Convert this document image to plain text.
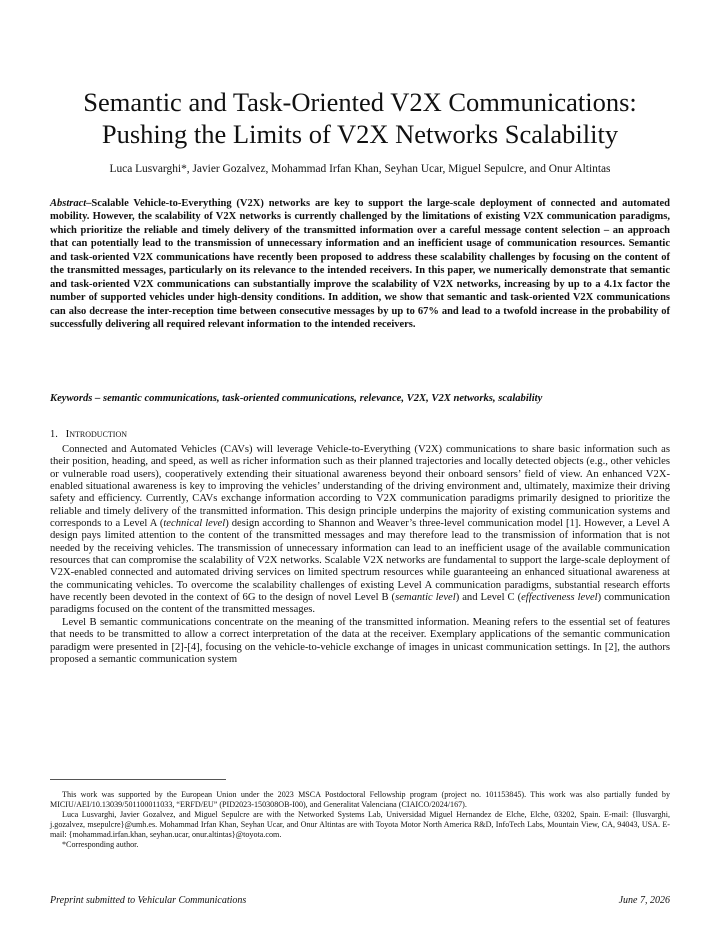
Semantic and Task-Oriented V2X Communications:
Pushing the Limits of V2X Networks Scalability
Luca Lusvarghi*, Javier Gozalvez, Mohammad Irfan Khan, Seyhan Ucar, Miguel Sepulcre, and Onur Altintas

Abstract–Scalable Vehicle-to-Everything (V2X) networks are key to support the large-scale deployment of connected and automated mobility. However, the scalability of V2X networks is currently challenged by the limitations of existing V2X communication paradigms, which prioritize the reliable and timely delivery of the transmitted information over a careful message content selection – an approach that can potentially lead to the transmission of unnecessary information and an inefficient usage of communication resources. Semantic and task-oriented V2X communications have recently been proposed to address these scalability challenges by focusing on the content of the transmitted messages, particularly on its relevance to the intended receivers. In this paper, we numerically demonstrate that semantic and task-oriented V2X communications can substantially improve the scalability of V2X networks, increasing by up to a 4.1x factor the number of supported vehicles under high-density conditions. In addition, we show that semantic and task-oriented V2X communications can also decrease the inter-reception time between consecutive messages by up to 67% and lead to a twofold increase in the probability of successfully delivering all required relevant information to the intended receivers.

Keywords – semantic communications, task-oriented communications, relevance, V2X, V2X networks, scalability

1. Introduction

Connected and Automated Vehicles (CAVs) will leverage Vehicle-to-Everything (V2X) communications to share basic information such as their position, heading, and speed, as well as richer information such as their planned trajectories and locally detected objects (e.g., other vehicles or vulnerable road users), cooperatively extending their situational awareness beyond their onboard sensors’ field of view. An enhanced V2X-enabled situational awareness is key to improving the vehicles’ understanding of the driving environment and, ultimately, maximize their driving safety and efficiency. Currently, CAVs exchange information according to V2X communication paradigms primarily designed to prioritize the reliable and timely delivery of the transmitted information. This design principle underpins the majority of existing communication systems and corresponds to a Level A (technical level) design according to Shannon and Weaver’s three-level communication model [1]. However, a Level A design pays limited attention to the content of the transmitted messages and may therefore lead to the transmission of information that is not needed by the receiving vehicles. The transmission of unnecessary information can lead to an inefficient usage of the available communication resources that can compromise the scalability of V2X networks. Scalable V2X networks are fundamental to support the large-scale deployment of V2X-enabled connected and automated driving services on limited spectrum resources while guaranteeing an enhanced situational awareness at the communicating vehicles. To overcome the scalability challenges of existing Level A communication paradigms, substantial research efforts have recently been devoted in the context of 6G to the design of novel Level B (semantic level) and Level C (effectiveness level) communication paradigms focused on the content of the transmitted messages.

Level B semantic communications concentrate on the meaning of the transmitted information. Meaning refers to the essential set of features that needs to be transmitted to allow a correct interpretation of the data at the receiver. Exemplary applications of the semantic communication paradigm were presented in [2]-[4], focusing on the vehicle-to-vehicle exchange of images in unicast communication settings. In [2], the authors proposed a semantic communication system

This work was supported by the European Union under the 2023 MSCA Postdoctoral Fellowship program (project no. 101153845). This work was also partially funded by MICIU/AEI/10.13039/501100011033, “ERFD/EU” (PID2023-150308OB-I00), and Generalitat Valenciana (CIAICO/2024/167).

Luca Lusvarghi, Javier Gozalvez, and Miguel Sepulcre are with the Networked Systems Lab, Universidad Miguel Hernandez de Elche, Elche, 03202, Spain. E-mail: {llusvarghi, j.gozalvez, msepulcre}@umh.es. Mohammad Irfan Khan, Seyhan Ucar, and Onur Altintas are with Toyota Motor North America R&D, InfoTech Labs, Mountain View, CA, 94043, USA. E-mail: {mohammad.irfan.khan, seyhan.ucar, onur.altintas}@toyota.com.

*Corresponding author.

Preprint submitted to Vehicular Communications	June 7, 2026
